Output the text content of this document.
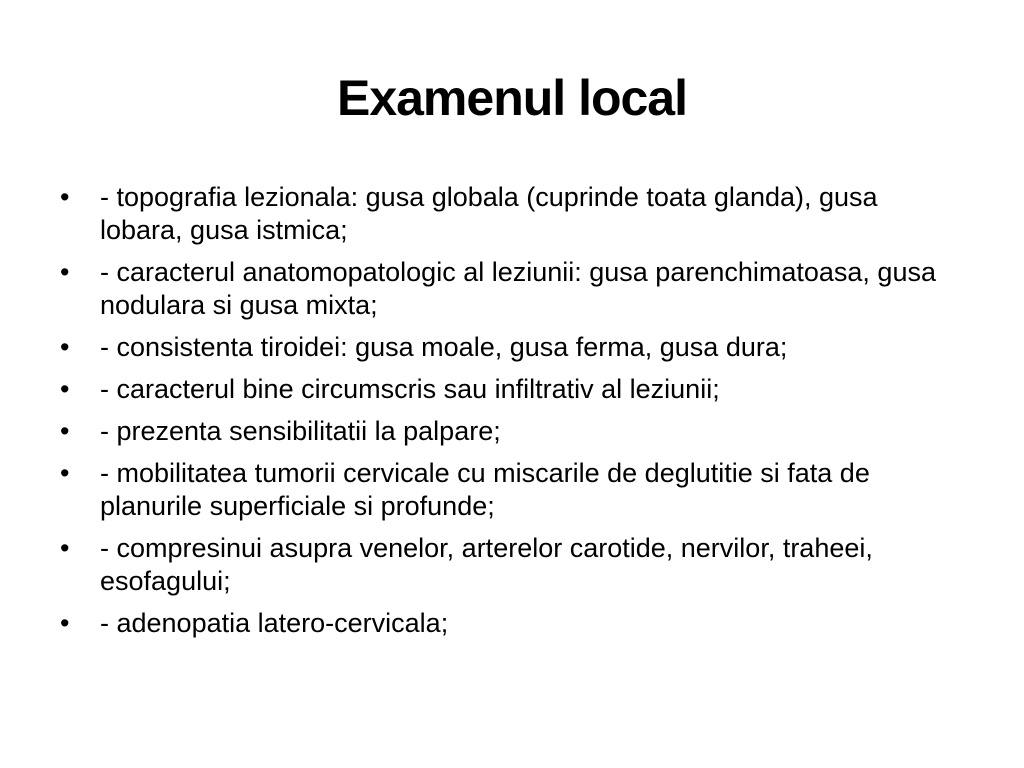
Examenul local
•	- topografia lezionala: gusa globala (cuprinde toata glanda), gusa lobara, gusa istmica;
•	- caracterul anatomopatologic al leziunii: gusa parenchimatoasa, gusa nodulara si gusa mixta;
•	- consistenta tiroidei: gusa moale, gusa ferma, gusa dura;
•	- caracterul bine circumscris sau infiltrativ al leziunii;
•	- prezenta sensibilitatii la palpare;
•	- mobilitatea tumorii cervicale cu miscarile de deglutitie si fata de planurile superficiale si profunde;
•	- compresinui asupra venelor, arterelor carotide, nervilor, traheei, esofagului;
•	- adenopatia latero-cervicala;
